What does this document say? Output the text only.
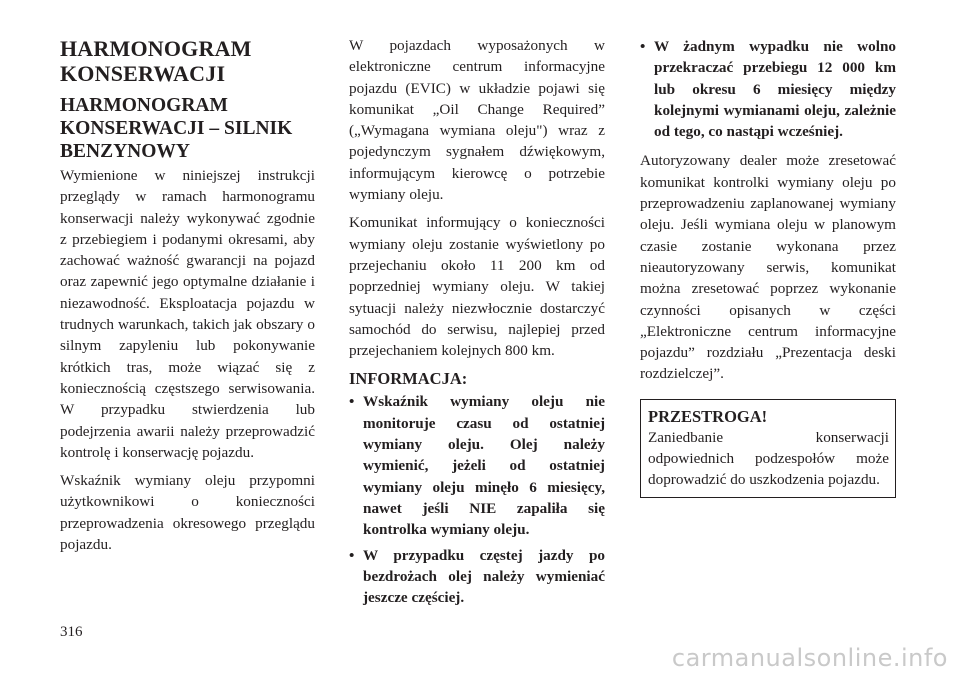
HARMONOGRAM KONSERWACJI
HARMONOGRAM KONSERWACJI – SILNIK BENZYNOWY

Wymienione w niniejszej instrukcji przeglądy w ramach harmonogramu konserwacji należy wykonywać zgodnie z przebiegiem i podanymi okresami, aby zachować ważność gwarancji na pojazd oraz zapewnić jego optymalne działanie i niezawodność. Eksploatacja pojazdu w trudnych warunkach, takich jak obszary o silnym zapyleniu lub pokonywanie krótkich tras, może wiązać się z koniecznością częstszego serwisowania. W przypadku stwierdzenia lub podejrzenia awarii należy przeprowadzić kontrolę i konserwację pojazdu.

Wskaźnik wymiany oleju przypomni użytkownikowi o konieczności przeprowadzenia okresowego przeglądu pojazdu.

W pojazdach wyposażonych w elektroniczne centrum informacyjne pojazdu (EVIC) w układzie pojawi się komunikat „Oil Change Required” („Wymagana wymiana oleju") wraz z pojedynczym sygnałem dźwiękowym, informującym kierowcę o potrzebie wymiany oleju.

Komunikat informujący o konieczności wymiany oleju zostanie wyświetlony po przejechaniu około 11 200 km od poprzedniej wymiany oleju. W takiej sytuacji należy niezwłocznie dostarczyć samochód do serwisu, najlepiej przed przejechaniem kolejnych 800 km.

INFORMACJA:
• Wskaźnik wymiany oleju nie monitoruje czasu od ostatniej wymiany oleju. Olej należy wymienić, jeżeli od ostatniej wymiany oleju minęło 6 miesięcy, nawet jeśli NIE zapaliła się kontrolka wymiany oleju.
• W przypadku częstej jazdy po bezdrożach olej należy wymieniać jeszcze częściej.
• W żadnym wypadku nie wolno przekraczać przebiegu 12 000 km lub okresu 6 miesięcy między kolejnymi wymianami oleju, zależnie od tego, co nastąpi wcześniej.

Autoryzowany dealer może zresetować komunikat kontrolki wymiany oleju po przeprowadzeniu zaplanowanej wymiany oleju. Jeśli wymiana oleju w planowym czasie zostanie wykonana przez nieautoryzowany serwis, komunikat można zresetować poprzez wykonanie czynności opisanych w części „Elektroniczne centrum informacyjne pojazdu” rozdziału „Prezentacja deski rozdzielczej”.

PRZESTROGA!
Zaniedbanie konserwacji odpowiednich podzespołów może doprowadzić do uszkodzenia pojazdu.
316
carmanualsonline.info
